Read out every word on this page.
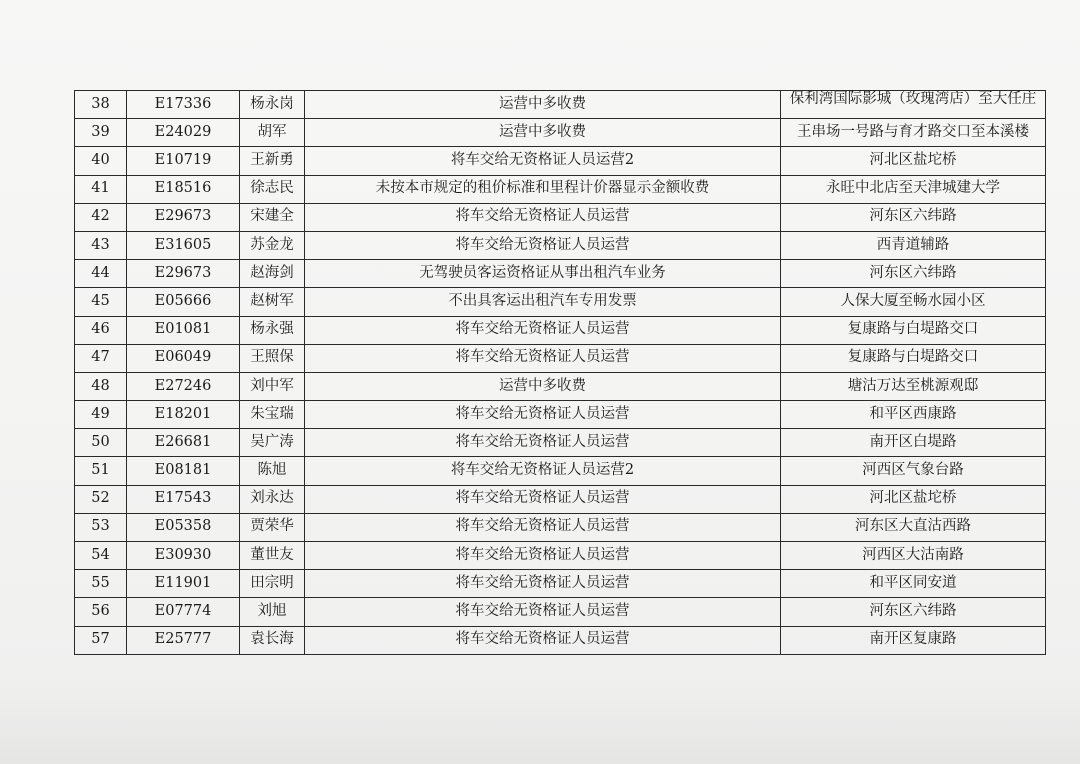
38	E17336	杨永岗	运营中多收费	保利湾国际影城（玫瑰湾店）至大任庄

39	E24029	胡军	运营中多收费	王串场一号路与育才路交口至本溪楼
40	E10719	王新勇	将车交给无资格证人员运营2	河北区盐坨桥
41	E18516	徐志民	未按本市规定的租价标准和里程计价器显示金额收费	永旺中北店至天津城建大学
42	E29673	宋建全	将车交给无资格证人员运营	河东区六纬路
43	E31605	苏金龙	将车交给无资格证人员运营	西青道辅路
44	E29673	赵海剑	无驾驶员客运资格证从事出租汽车业务	河东区六纬路
45	E05666	赵树军	不出具客运出租汽车专用发票	人保大厦至畅水园小区
46	E01081	杨永强	将车交给无资格证人员运营	复康路与白堤路交口
47	E06049	王照保	将车交给无资格证人员运营	复康路与白堤路交口
48	E27246	刘中军	运营中多收费	塘沽万达至桃源观邸
49	E18201	朱宝瑞	将车交给无资格证人员运营	和平区西康路
50	E26681	吴广涛	将车交给无资格证人员运营	南开区白堤路
51	E08181	陈旭	将车交给无资格证人员运营2	河西区气象台路
52	E17543	刘永达	将车交给无资格证人员运营	河北区盐坨桥
53	E05358	贾荣华	将车交给无资格证人员运营	河东区大直沽西路
54	E30930	董世友	将车交给无资格证人员运营	河西区大沽南路
55	E11901	田宗明	将车交给无资格证人员运营	和平区同安道
56	E07774	刘旭	将车交给无资格证人员运营	河东区六纬路
57	E25777	袁长海	将车交给无资格证人员运营	南开区复康路
